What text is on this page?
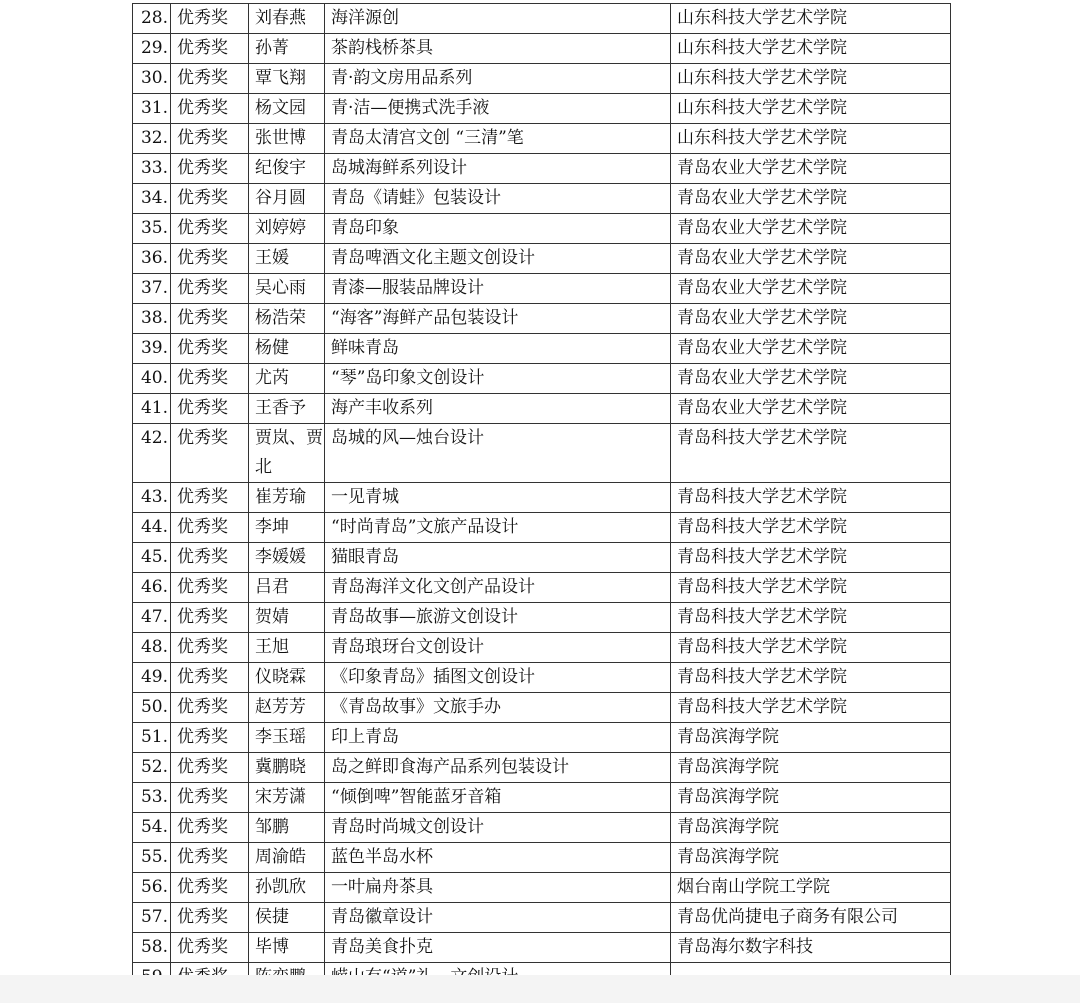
28.	优秀奖	刘春燕	海洋源创	山东科技大学艺术学院
29.	优秀奖	孙菁	茶韵栈桥茶具	山东科技大学艺术学院
30.	优秀奖	覃飞翔	青·韵文房用品系列	山东科技大学艺术学院
31.	优秀奖	杨文园	青·洁—便携式洗手液	山东科技大学艺术学院
32.	优秀奖	张世博	青岛太清宫文创 “三清”笔	山东科技大学艺术学院
33.	优秀奖	纪俊宇	岛城海鲜系列设计	青岛农业大学艺术学院
34.	优秀奖	谷月圆	青岛《请蛙》包装设计	青岛农业大学艺术学院
35.	优秀奖	刘婷婷	青岛印象	青岛农业大学艺术学院
36.	优秀奖	王媛	青岛啤酒文化主题文创设计	青岛农业大学艺术学院
37.	优秀奖	吴心雨	青漆—服装品牌设计	青岛农业大学艺术学院
38.	优秀奖	杨浩荣	“海客”海鲜产品包装设计	青岛农业大学艺术学院
39.	优秀奖	杨健	鲜味青岛	青岛农业大学艺术学院
40.	优秀奖	尤芮	“琴”岛印象文创设计	青岛农业大学艺术学院
41.	优秀奖	王香予	海产丰收系列	青岛农业大学艺术学院
42.	优秀奖	贾岚、贾北	岛城的风—烛台设计	青岛科技大学艺术学院
43.	优秀奖	崔芳瑜	一见青城	青岛科技大学艺术学院
44.	优秀奖	李坤	“时尚青岛”文旅产品设计	青岛科技大学艺术学院
45.	优秀奖	李媛媛	猫眼青岛	青岛科技大学艺术学院
46.	优秀奖	吕君	青岛海洋文化文创产品设计	青岛科技大学艺术学院
47.	优秀奖	贺婧	青岛故事—旅游文创设计	青岛科技大学艺术学院
48.	优秀奖	王旭	青岛琅玡台文创设计	青岛科技大学艺术学院
49.	优秀奖	仪晓霖	《印象青岛》插图文创设计	青岛科技大学艺术学院
50.	优秀奖	赵芳芳	《青岛故事》文旅手办	青岛科技大学艺术学院
51.	优秀奖	李玉瑶	印上青岛	青岛滨海学院
52.	优秀奖	冀鹏晓	岛之鲜即食海产品系列包装设计	青岛滨海学院
53.	优秀奖	宋芳潇	“倾倒啤”智能蓝牙音箱	青岛滨海学院
54.	优秀奖	邹鹏	青岛时尚城文创设计	青岛滨海学院
55.	优秀奖	周渝皓	蓝色半岛水杯	青岛滨海学院
56.	优秀奖	孙凯欣	一叶扁舟茶具	烟台南山学院工学院
57.	优秀奖	侯捷	青岛徽章设计	青岛优尚捷电子商务有限公司
58.	优秀奖	毕博	青岛美食扑克	青岛海尔数字科技
